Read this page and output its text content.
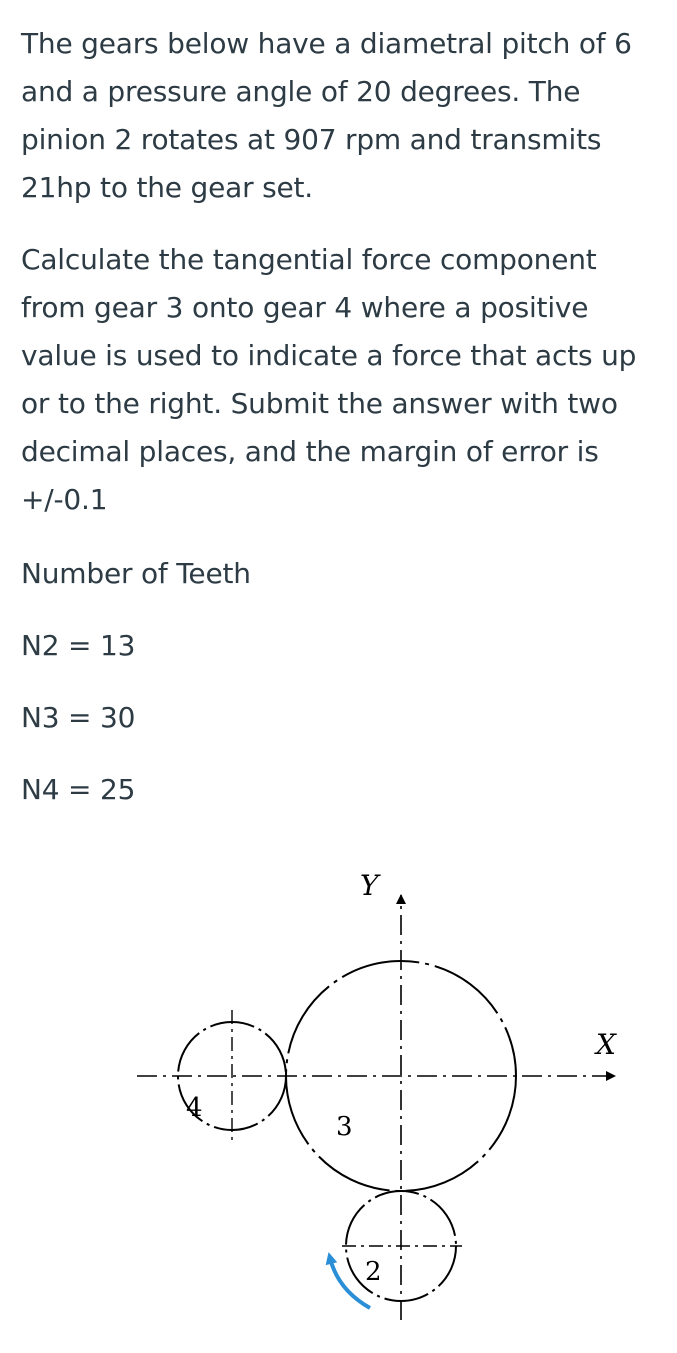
The gears below have a diametral pitch of 6 and a pressure angle of 20 degrees. The pinion 2 rotates at 907 rpm and transmits 21hp to the gear set.

Calculate the tangential force component from gear 3 onto gear 4 where a positive value is used to indicate a force that acts up or to the right. Submit the answer with two decimal places, and the margin of error is +/-0.1

Number of Teeth

N2 = 13

N3 = 30

N4 = 25

Y
X
3
4
2
